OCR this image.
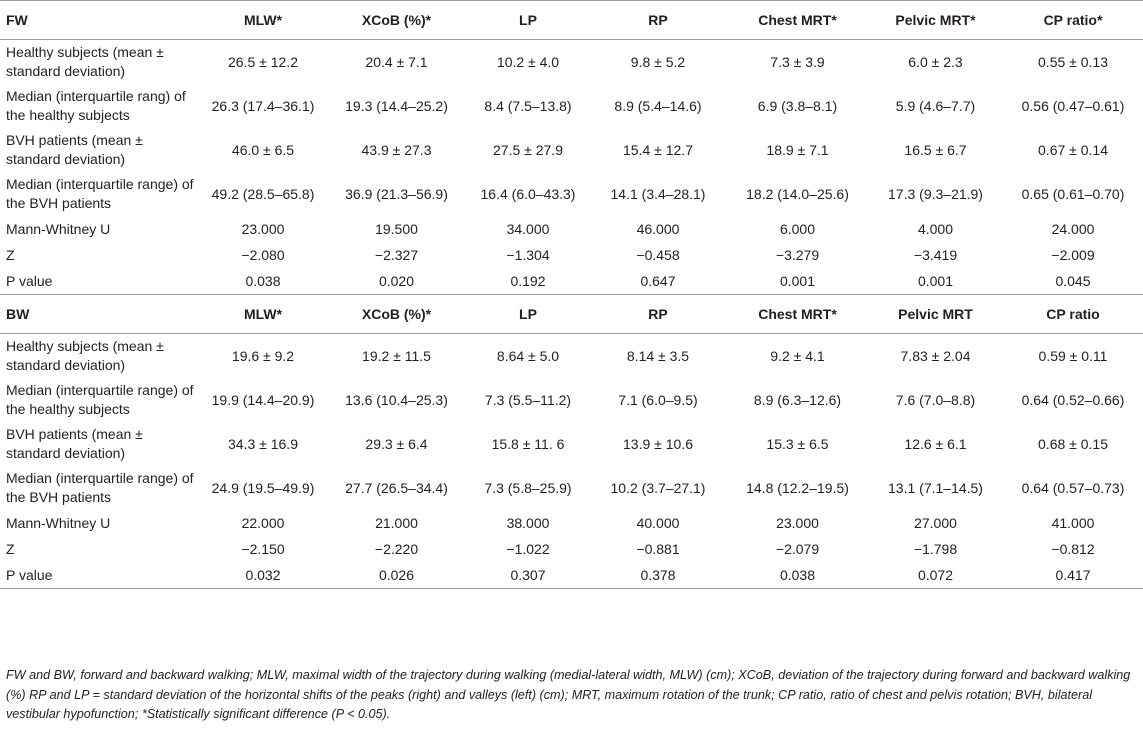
FW	MLW*	XCoB (%)*	LP	RP	Chest MRT*	Pelvic MRT*	CP ratio*
Healthy subjects (mean ± standard deviation)	26.5 ± 12.2	20.4 ± 7.1	10.2 ± 4.0	9.8 ± 5.2	7.3 ± 3.9	6.0 ± 2.3	0.55 ± 0.13
Median (interquartile rang) of the healthy subjects	26.3 (17.4–36.1)	19.3 (14.4–25.2)	8.4 (7.5–13.8)	8.9 (5.4–14.6)	6.9 (3.8–8.1)	5.9 (4.6–7.7)	0.56 (0.47–0.61)
BVH patients (mean ± standard deviation)	46.0 ± 6.5	43.9 ± 27.3	27.5 ± 27.9	15.4 ± 12.7	18.9 ± 7.1	16.5 ± 6.7	0.67 ± 0.14
Median (interquartile range) of the BVH patients	49.2 (28.5–65.8)	36.9 (21.3–56.9)	16.4 (6.0–43.3)	14.1 (3.4–28.1)	18.2 (14.0–25.6)	17.3 (9.3–21.9)	0.65 (0.61–0.70)
Mann-Whitney U	23.000	19.500	34.000	46.000	6.000	4.000	24.000
Z	−2.080	−2.327	−1.304	−0.458	−3.279	−3.419	−2.009
P value	0.038	0.020	0.192	0.647	0.001	0.001	0.045
BW	MLW*	XCoB (%)*	LP	RP	Chest MRT*	Pelvic MRT	CP ratio
Healthy subjects (mean ± standard deviation)	19.6 ± 9.2	19.2 ± 11.5	8.64 ± 5.0	8.14 ± 3.5	9.2 ± 4.1	7.83 ± 2.04	0.59 ± 0.11
Median (interquartile range) of the healthy subjects	19.9 (14.4–20.9)	13.6 (10.4–25.3)	7.3 (5.5–11.2)	7.1 (6.0–9.5)	8.9 (6.3–12.6)	7.6 (7.0–8.8)	0.64 (0.52–0.66)
BVH patients (mean ± standard deviation)	34.3 ± 16.9	29.3 ± 6.4	15.8 ± 11. 6	13.9 ± 10.6	15.3 ± 6.5	12.6 ± 6.1	0.68 ± 0.15
Median (interquartile range) of the BVH patients	24.9 (19.5–49.9)	27.7 (26.5–34.4)	7.3 (5.8–25.9)	10.2 (3.7–27.1)	14.8 (12.2–19.5)	13.1 (7.1–14.5)	0.64 (0.57–0.73)
Mann-Whitney U	22.000	21.000	38.000	40.000	23.000	27.000	41.000
Z	−2.150	−2.220	−1.022	−0.881	−2.079	−1.798	−0.812
P value	0.032	0.026	0.307	0.378	0.038	0.072	0.417

FW and BW, forward and backward walking; MLW, maximal width of the trajectory during walking (medial-lateral width, MLW) (cm); XCoB, deviation of the trajectory during forward and backward walking (%) RP and LP = standard deviation of the horizontal shifts of the peaks (right) and valleys (left) (cm); MRT, maximum rotation of the trunk; CP ratio, ratio of chest and pelvis rotation; BVH, bilateral vestibular hypofunction; *Statistically significant difference (P < 0.05).
